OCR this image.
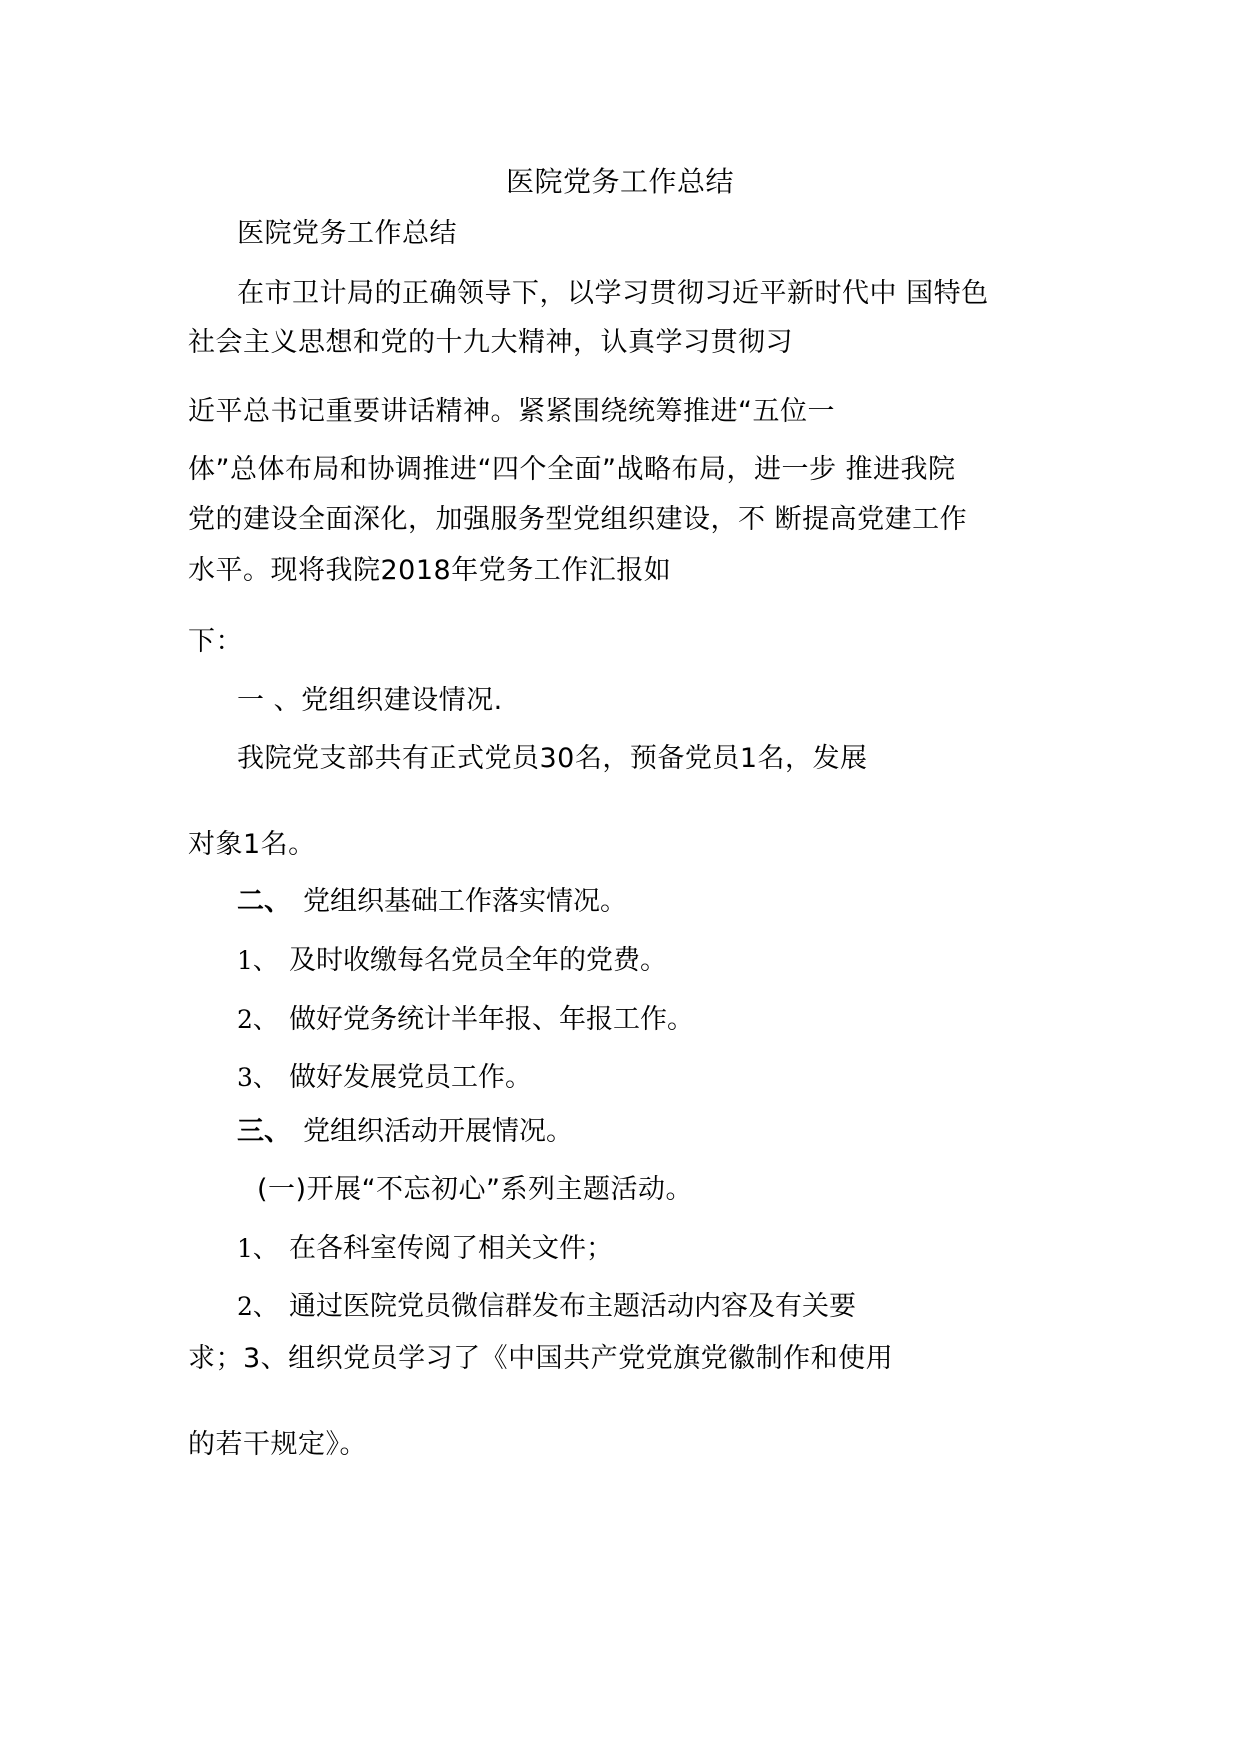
医院党务工作总结
医院党务工作总结
在市卫计局的正确领导下，以学习贯彻习近平新时代中 国特色
社会主义思想和党的十九大精神，认真学习贯彻习
近平总书记重要讲话精神。紧紧围绕统筹推进“五位一
体”总体布局和协调推进“四个全面”战略布局，进一步 推进我院
党的建设全面深化，加强服务型党组织建设，不 断提高党建工作
水平。现将我院2018年党务工作汇报如
下：
一 、党组织建设情况.
我院党支部共有正式党员30名，预备党员1名，发展
对象1名。
二、 党组织基础工作落实情况。
1、 及时收缴每名党员全年的党费。
2、 做好党务统计半年报、年报工作。
3、 做好发展党员工作。
三、 党组织活动开展情况。
(一)开展“不忘初心”系列主题活动。
1、 在各科室传阅了相关文件；
2、 通过医院党员微信群发布主题活动内容及有关要
求；3、组织党员学习了《中国共产党党旗党徽制作和使用
的若干规定》。
